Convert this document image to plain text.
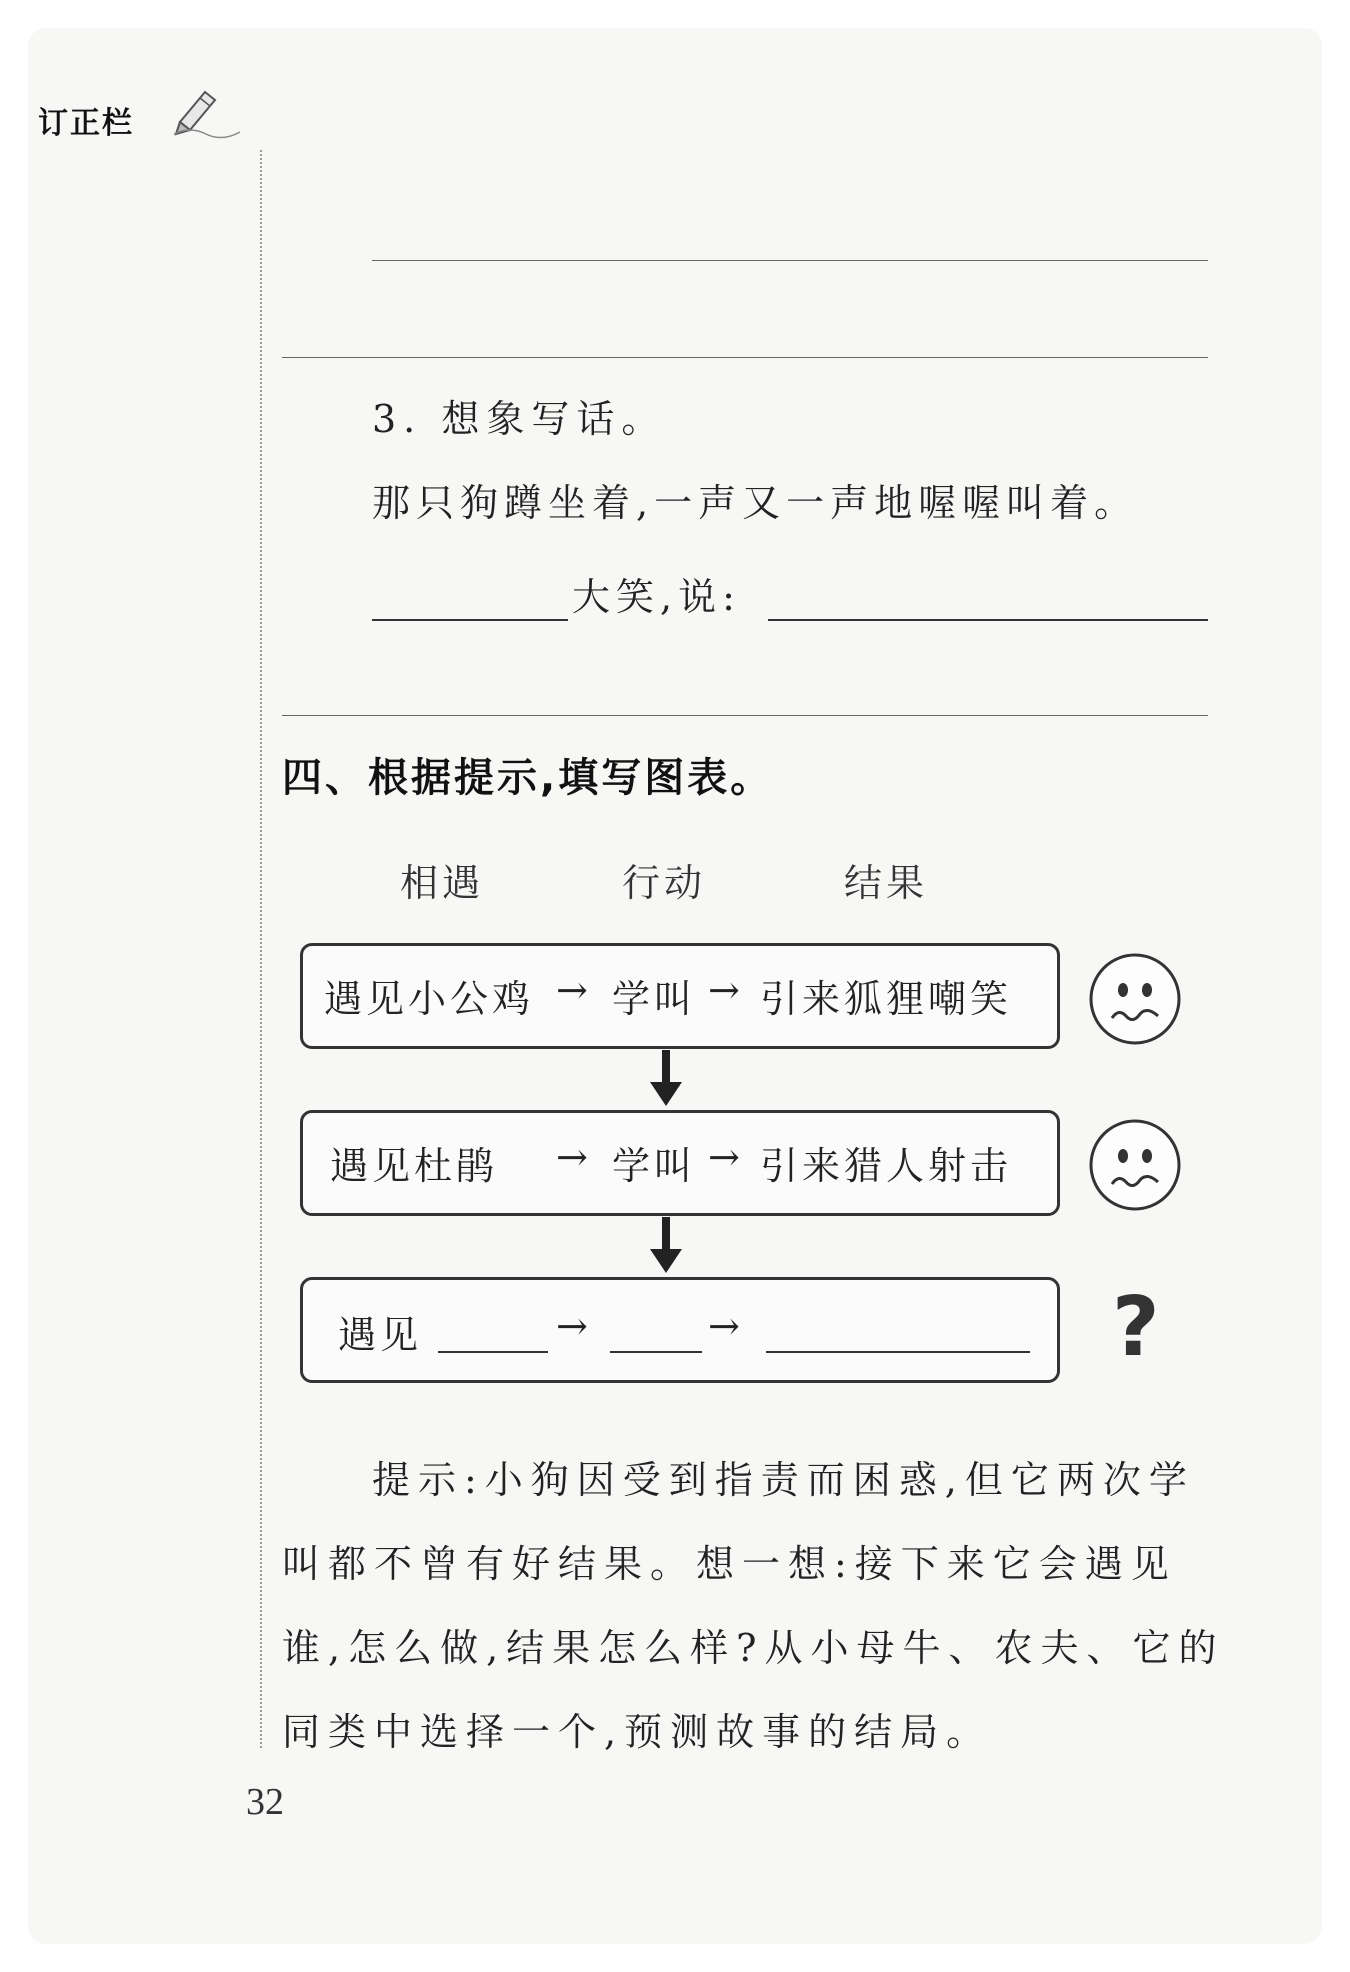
订正栏
3. 想象写话。
那只狗蹲坐着,一声又一声地喔喔叫着。
大笑,说:
四、根据提示,填写图表。
相遇	行动	结果
遇见小公鸡 → 学叫 → 引来狐狸嘲笑
遇见杜鹃 → 学叫 → 引来猎人射击
遇见	→	→	?
提示:小狗因受到指责而困惑,但它两次学
叫都不曾有好结果。想一想:接下来它会遇见
谁,怎么做,结果怎么样?从小母牛、农夫、它的
同类中选择一个,预测故事的结局。
32
